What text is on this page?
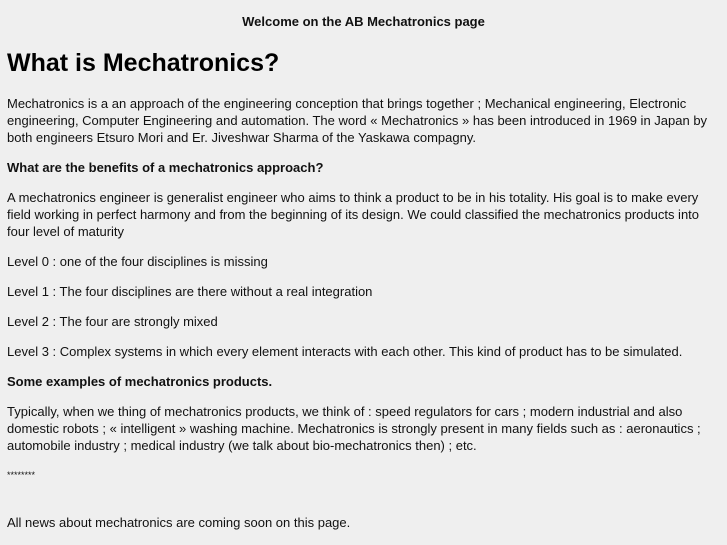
Welcome on the AB Mechatronics page

What is Mechatronics?

Mechatronics is a an approach of the engineering conception that brings together ; Mechanical engineering, Electronic engineering, Computer Engineering and automation. The word « Mechatronics » has been introduced in 1969 in Japan by both engineers Etsuro Mori and Er. Jiveshwar Sharma of the Yaskawa compagny.

What are the benefits of a mechatronics approach?

A mechatronics engineer is generalist engineer who aims to think a product to be in his totality. His goal is to make every field working in perfect harmony and from the beginning of its design. We could classified the mechatronics products into four level of maturity

Level 0 : one of the four disciplines is missing

Level 1 : The four disciplines are there without a real integration

Level 2 : The four are strongly mixed

Level 3 : Complex systems in which every element interacts with each other. This kind of product has to be simulated.

Some examples of mechatronics products.

Typically, when we thing of mechatronics products, we think of : speed regulators for cars ; modern industrial and also domestic robots ; « intelligent » washing machine. Mechatronics is strongly present in many fields such as : aeronautics ; automobile industry ; medical industry (we talk about bio-mechatronics then) ; etc.

********

All news about mechatronics are coming soon on this page.
